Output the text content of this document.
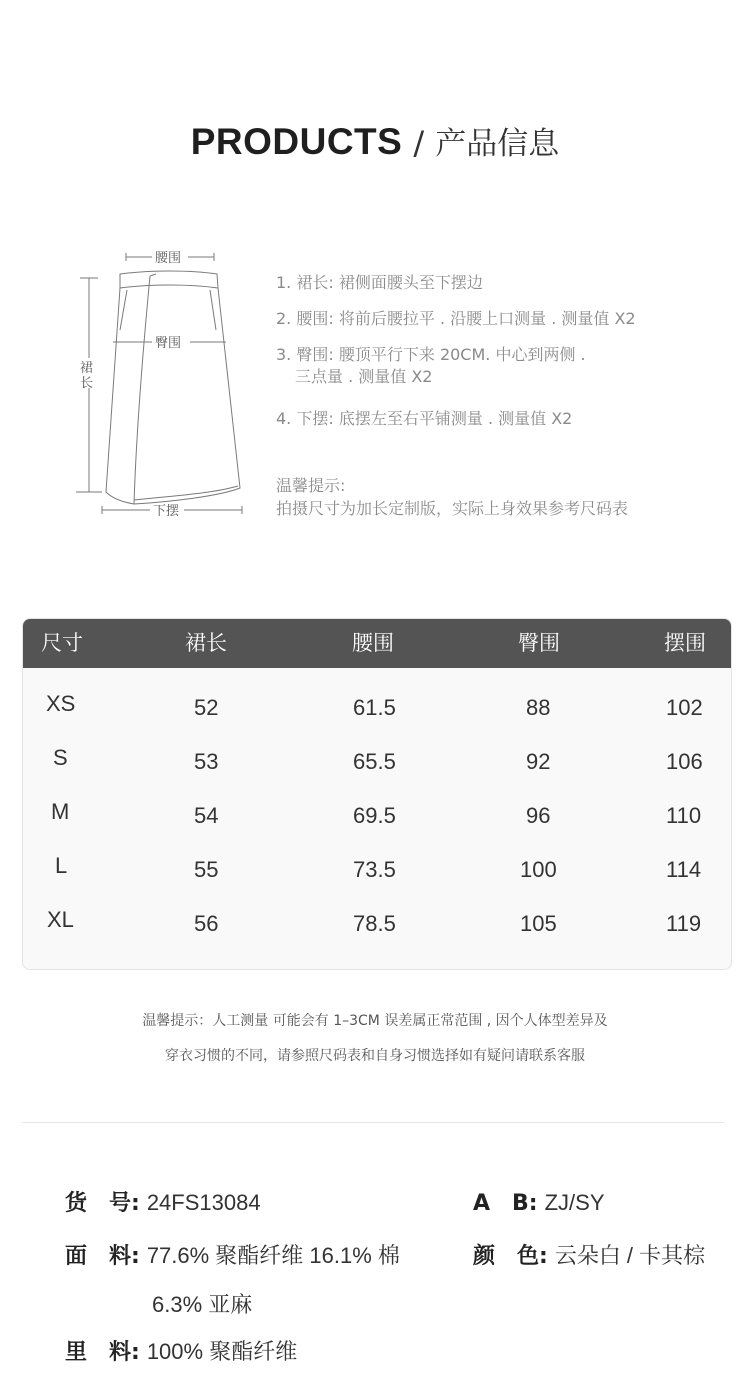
PRODUCTS / 产品信息
腰围
臀围
裙
长
下摆
1. 裙长: 裙侧面腰头至下摆边
2. 腰围: 将前后腰拉平 . 沿腰上口测量 . 测量值 X2
3. 臀围: 腰顶平行下来 20CM. 中心到两侧 .
三点量 . 测量值 X2
4. 下摆: 底摆左至右平铺测量 . 测量值 X2
温馨提示:
拍摄尺寸为加长定制版，实际上身效果参考尺码表
尺寸	裙长	腰围	臀围	摆围
XS	52	61.5	88	102
S	53	65.5	92	106
M	54	69.5	96	110
L	55	73.5	100	114
XL	56	78.5	105	119
温馨提示：人工测量 可能会有 1–3CM 误差属正常范围 , 因个人体型差异及
穿衣习惯的不同，请参照尺码表和自身习惯选择如有疑问请联系客服
货　号: 24FS13084	A　B: ZJ/SY
面　料: 77.6% 聚酯纤维 16.1% 棉
6.3% 亚麻
颜　色: 云朵白 / 卡其棕
里　料: 100% 聚酯纤维
